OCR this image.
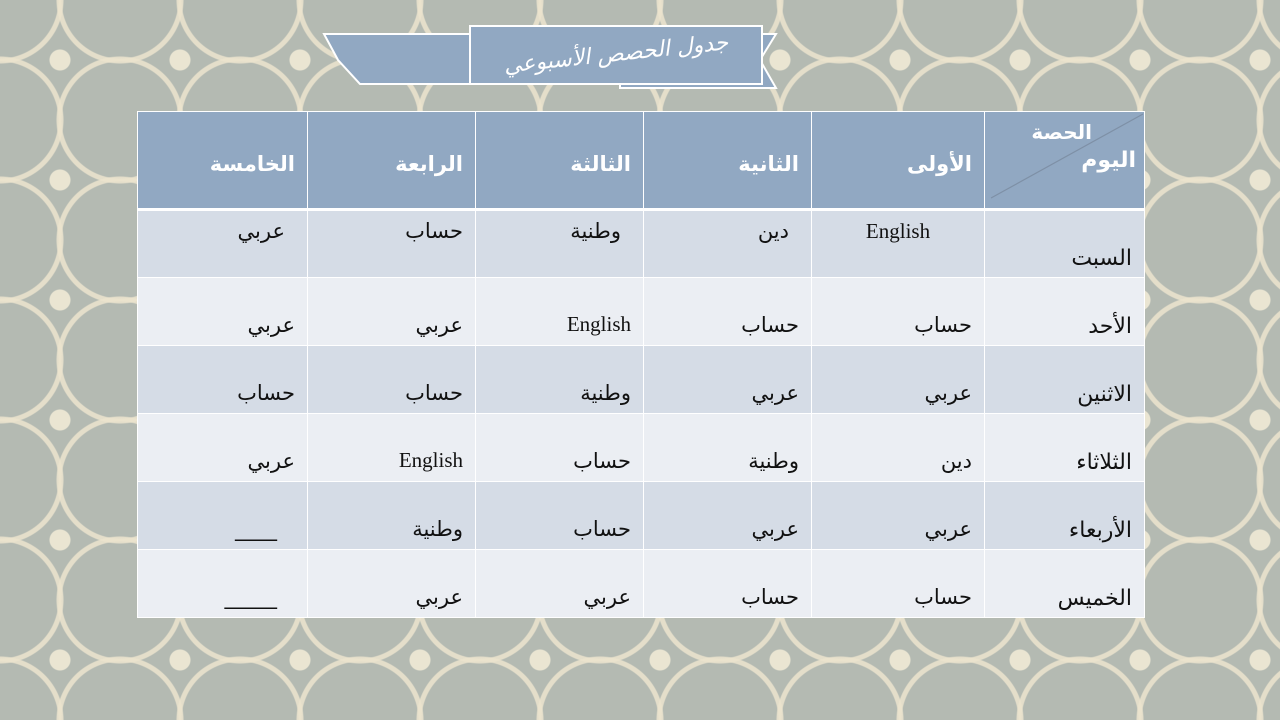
جدول الحصص الأسبوعي
الحصة
اليوم	الأولى	الثانية	الثالثة	الرابعة	الخامسة
السبت	English	دين	وطنية	حساب	عربي
الأحد	حساب	حساب	English	عربي	عربي
الاثنين	عربي	عربي	وطنية	حساب	حساب
الثلاثاء	دين	وطنية	حساب	English	عربي
الأربعاء	عربي	عربي	حساب	وطنية	____
الخميس	حساب	حساب	عربي	عربي	_____
